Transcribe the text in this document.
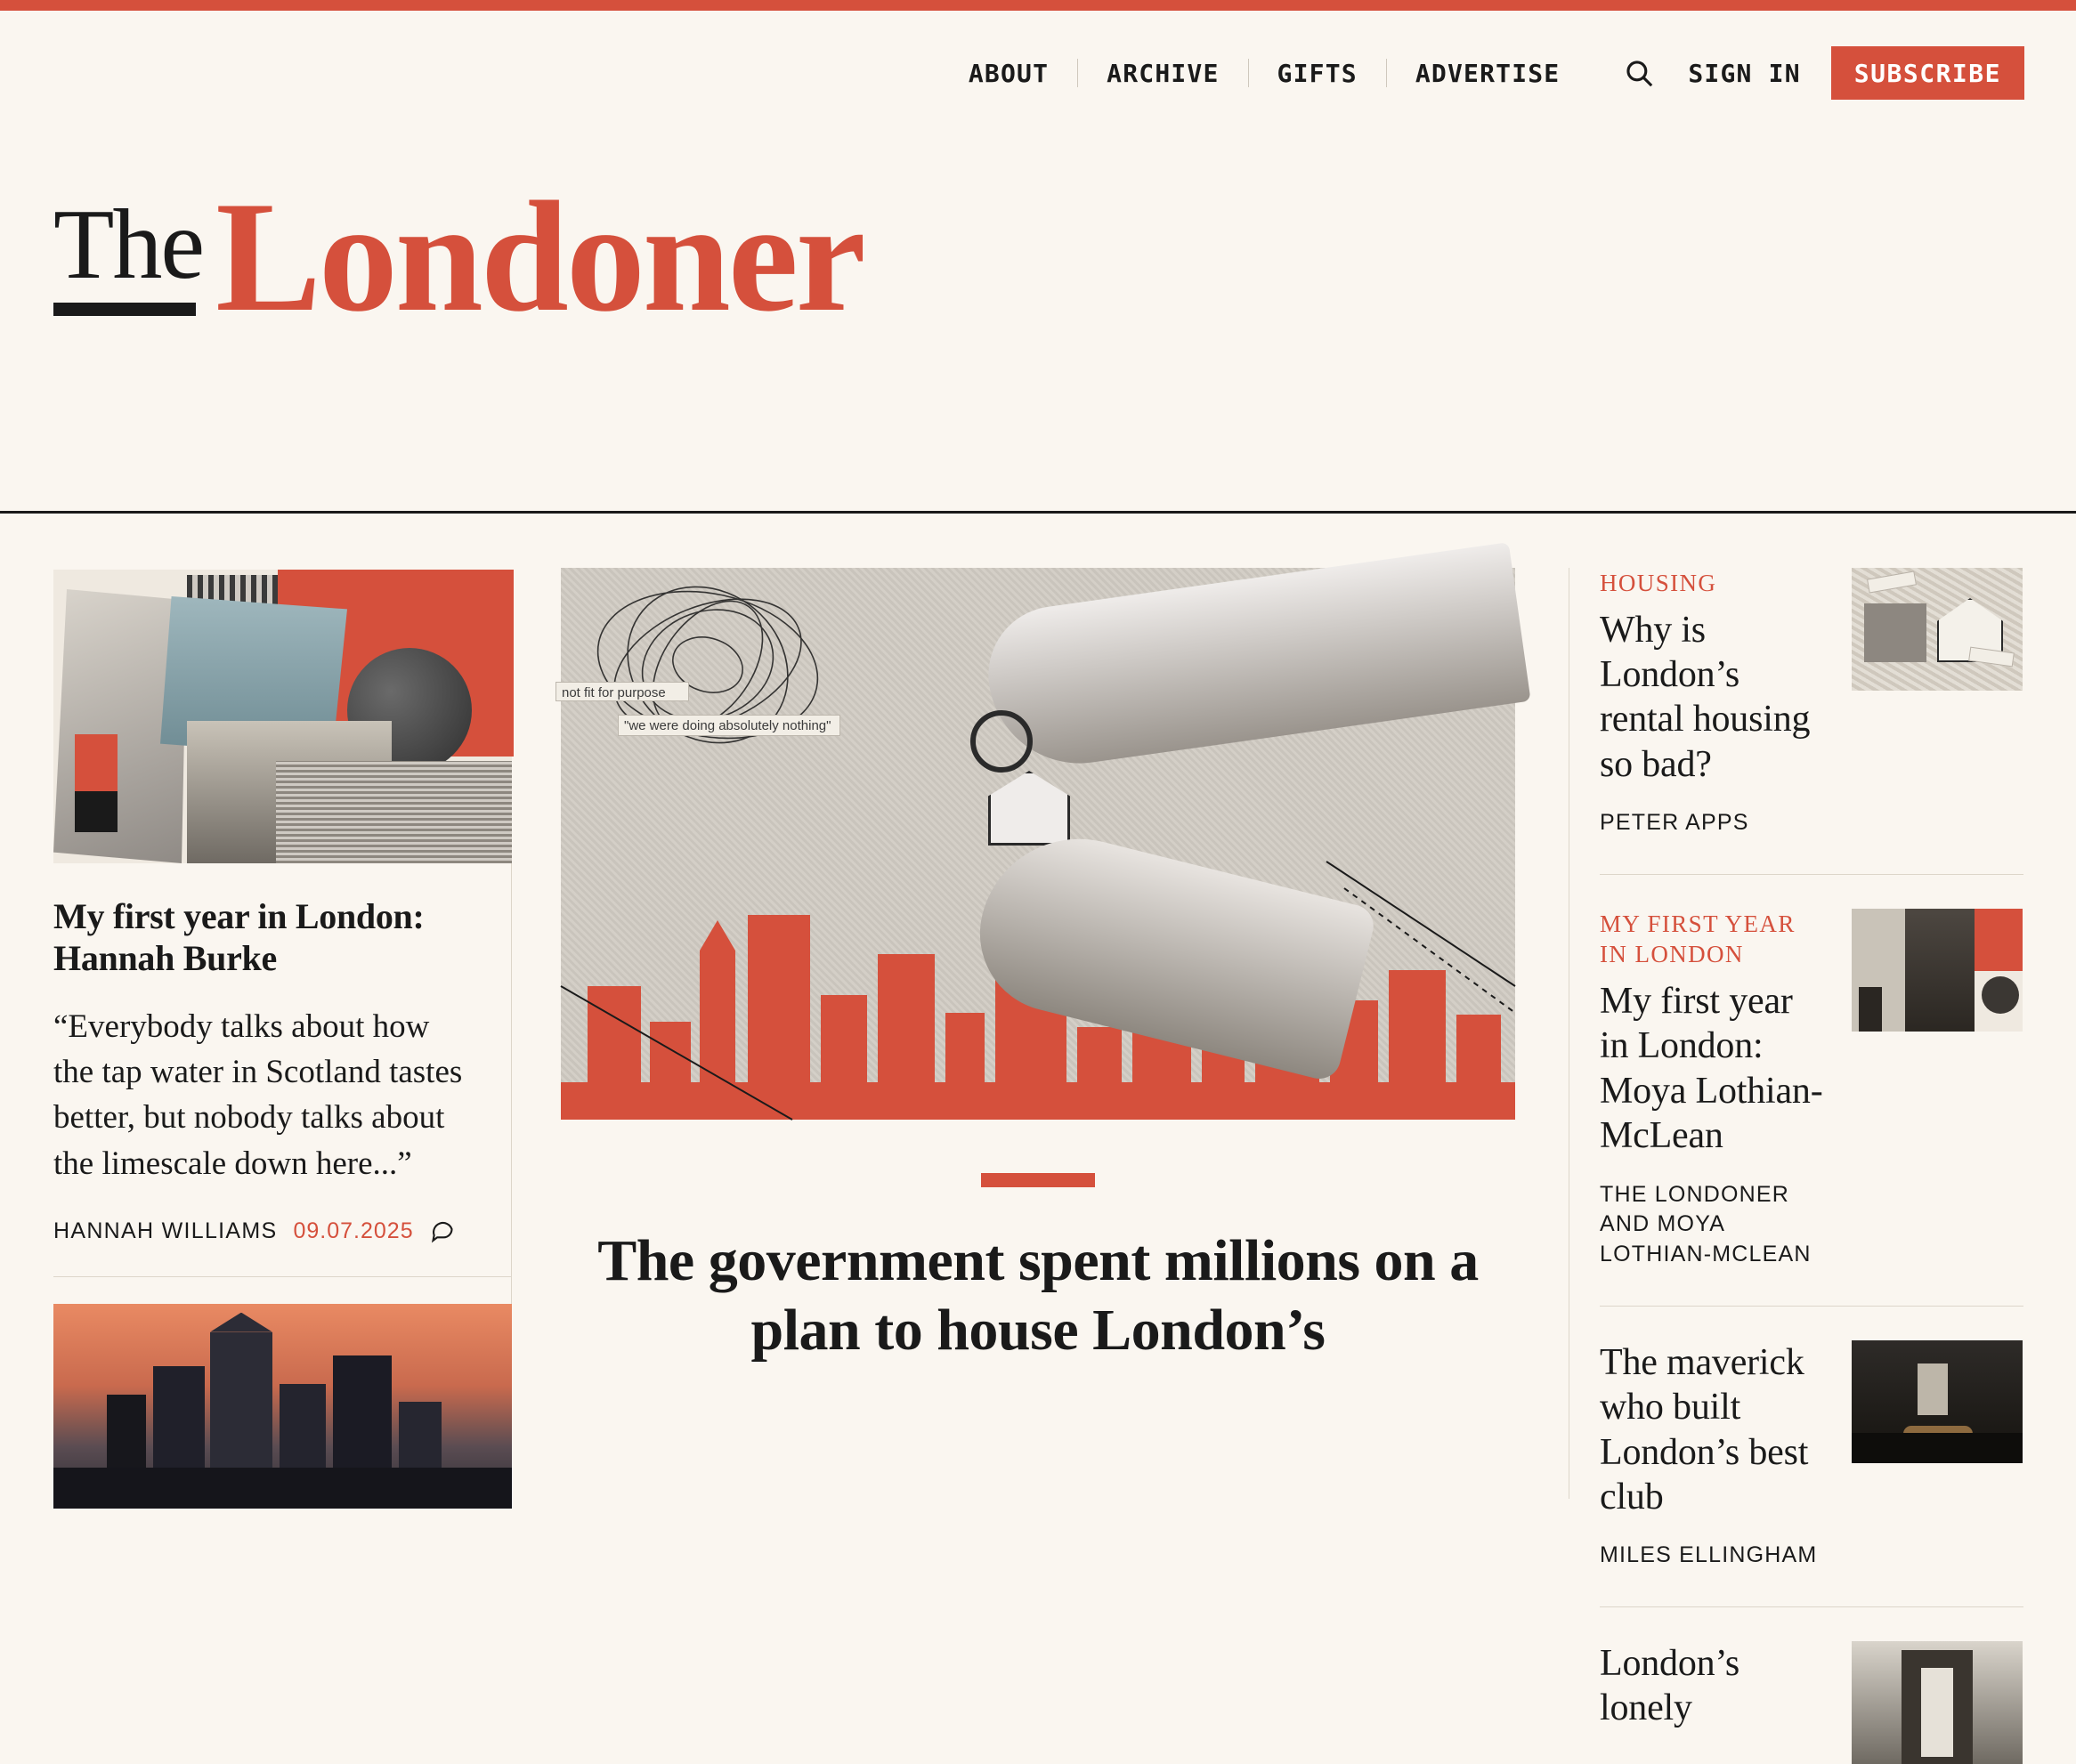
ABOUT	ARCHIVE	GIFTS	ADVERTISE	SIGN IN	SUBSCRIBE
The Londoner
My first year in London: Hannah Burke
“Everybody talks about how the tap water in Scotland tastes better, but nobody talks about the limescale down here...”
HANNAH WILLIAMS 09.07.2025
not fit for purpose
"we were doing absolutely nothing"
The government spent millions on a plan to house London’s
HOUSING
Why is London’s rental housing so bad?
PETER APPS
MY FIRST YEAR IN LONDON
My first year in London: Moya Lothian-McLean
THE LONDONER AND MOYA LOTHIAN-MCLEAN
The maverick who built London’s best club
MILES ELLINGHAM
London’s lonely
